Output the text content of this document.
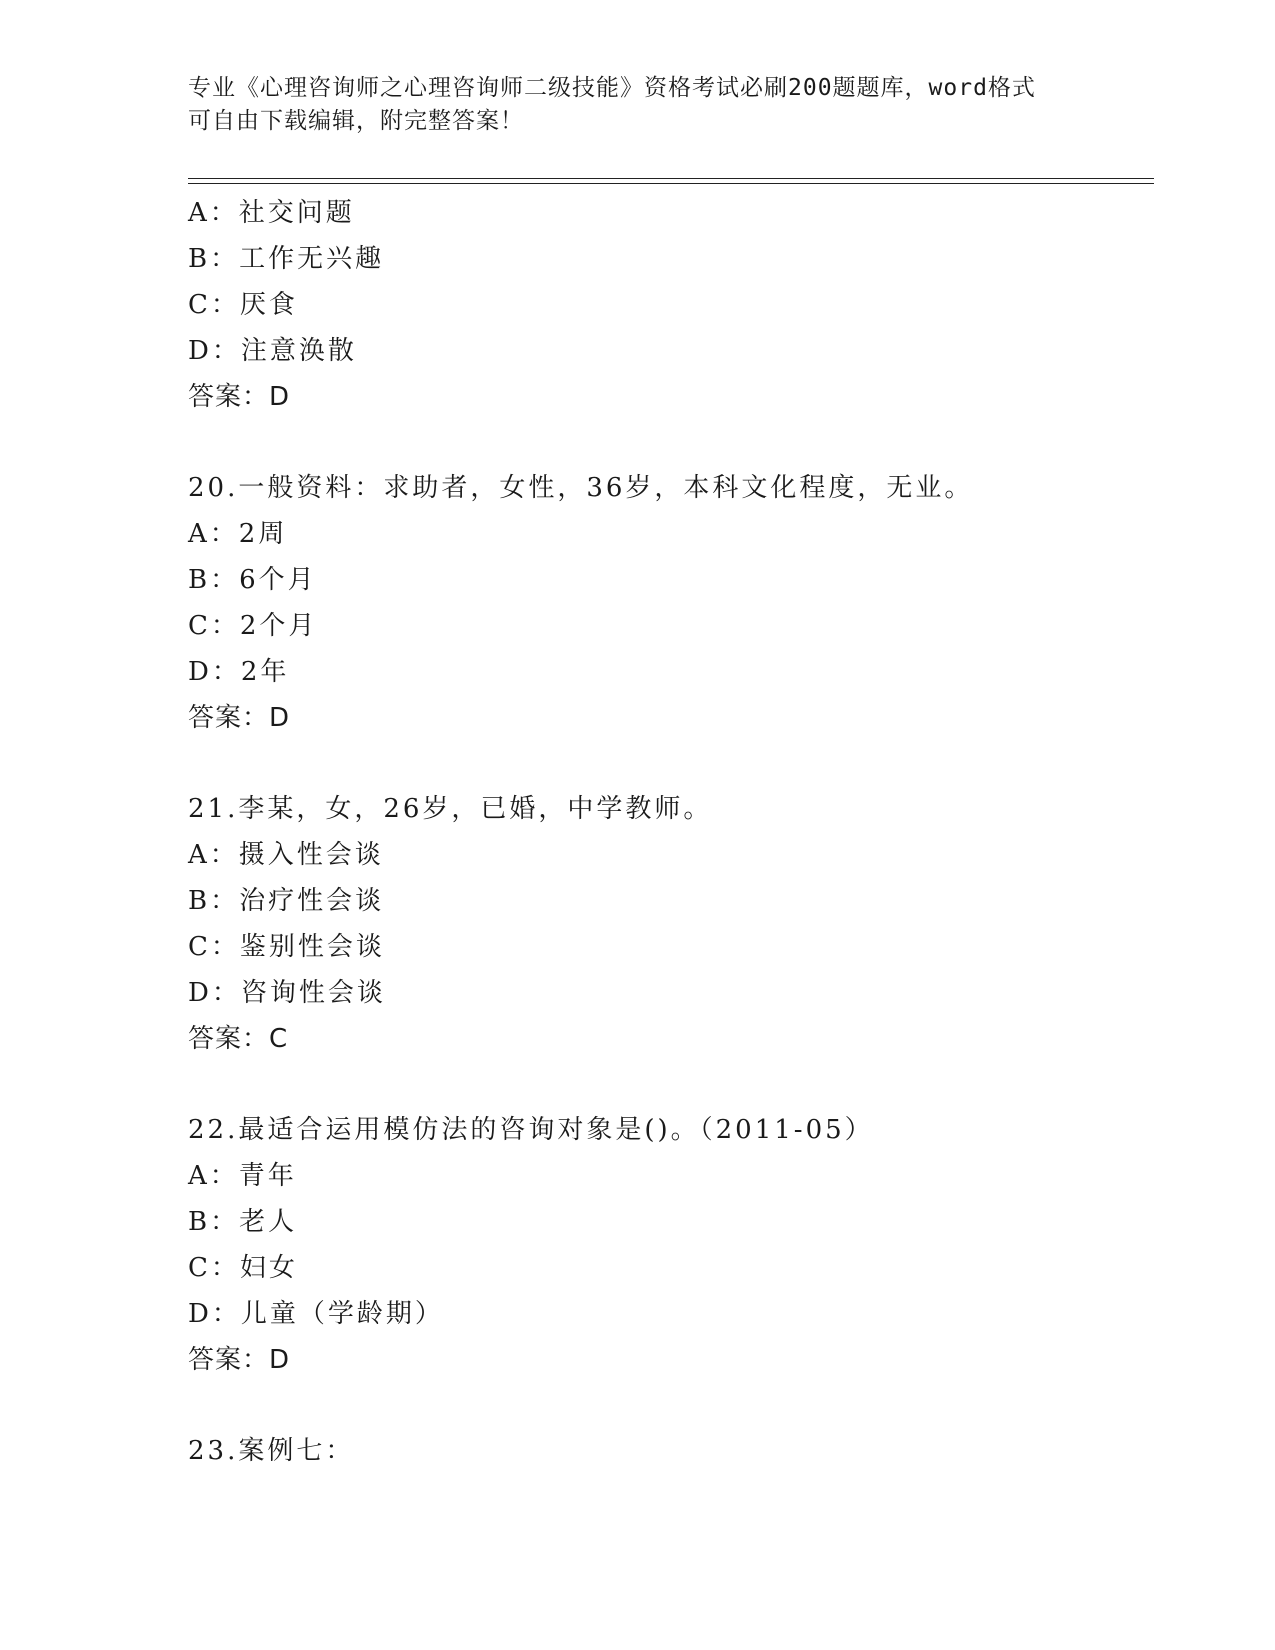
专业《心理咨询师之心理咨询师二级技能》资格考试必刷200题题库，word格式
可自由下载编辑，附完整答案！
A：社交问题
B：工作无兴趣
C：厌食
D：注意涣散
答案：D
20.一般资料：求助者，女性，36岁，本科文化程度，无业。
A：2周
B：6个月
C：2个月
D：2年
答案：D
21.李某，女，26岁，已婚，中学教师。
A：摄入性会谈
B：治疗性会谈
C：鉴别性会谈
D：咨询性会谈
答案：C
22.最适合运用模仿法的咨询对象是()。（2011-05）
A：青年
B：老人
C：妇女
D：儿童（学龄期）
答案：D
23.案例七：
